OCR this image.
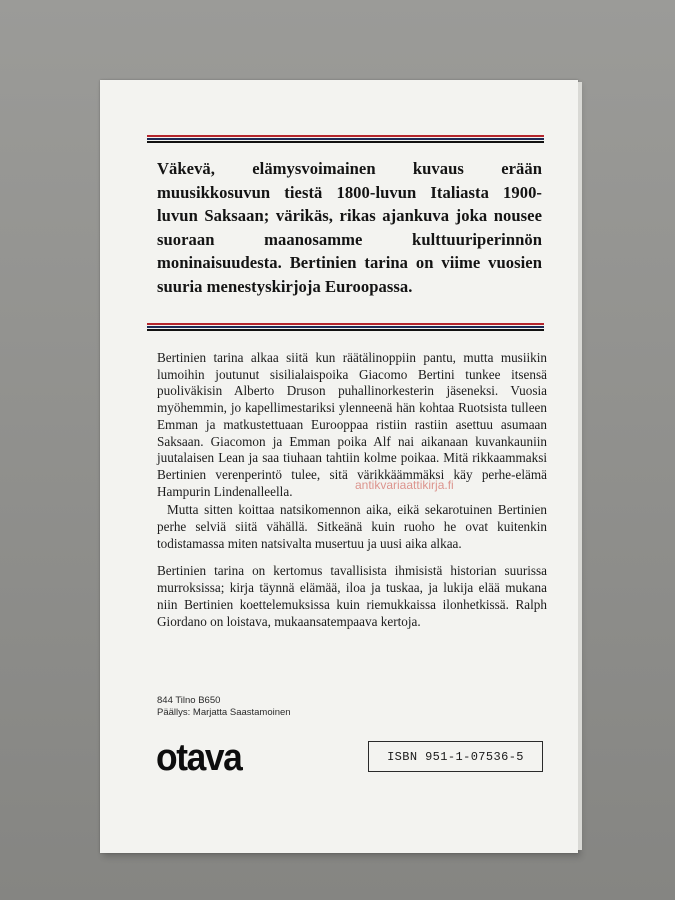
Väkevä, elämysvoimainen kuvaus erään muusikkosuvun tiestä 1800-luvun Italiasta 1900-luvun Saksaan; värikäs, rikas ajankuva joka nousee suoraan maanosamme kulttuuriperinnön moninaisuudesta. Bertinien tarina on viime vuosien suuria menestyskirjoja Euroopassa.

Bertinien tarina alkaa siitä kun räätälinoppiin pantu, mutta musiikin lumoihin joutunut sisilialaispoika Giacomo Bertini tunkee itsensä puoliväkisin Alberto Druson puhallinorkesterin jäseneksi. Vuosia myöhemmin, jo kapellimestariksi ylenneenä hän kohtaa Ruotsista tulleen Emman ja matkustettuaan Eurooppaa ristiin rastiin asettuu asumaan Saksaan. Giacomon ja Emman poika Alf nai aikanaan kuvankauniin juutalaisen Lean ja saa tiuhaan tahtiin kolme poikaa. Mitä rikkaammaksi Bertinien verenperintö tulee, sitä värikkäämmäksi käy perhe-elämä Hampurin Lindenalleella.

Mutta sitten koittaa natsikomennon aika, eikä sekarotuinen Bertinien perhe selviä siitä vähällä. Sitkeänä kuin ruoho he ovat kuitenkin todistamassa miten natsivalta musertuu ja uusi aika alkaa.

Bertinien tarina on kertomus tavallisista ihmisistä historian suurissa murroksissa; kirja täynnä elämää, iloa ja tuskaa, ja lukija elää mukana niin Bertinien koettelemuksissa kuin riemukkaissa ilonhetkissä. Ralph Giordano on loistava, mukaansatempaava kertoja.

antikvariaattikirja.fi
844 Tilno B650
Päällys: Marjatta Saastamoinen
otava	ISBN 951-1-07536-5
